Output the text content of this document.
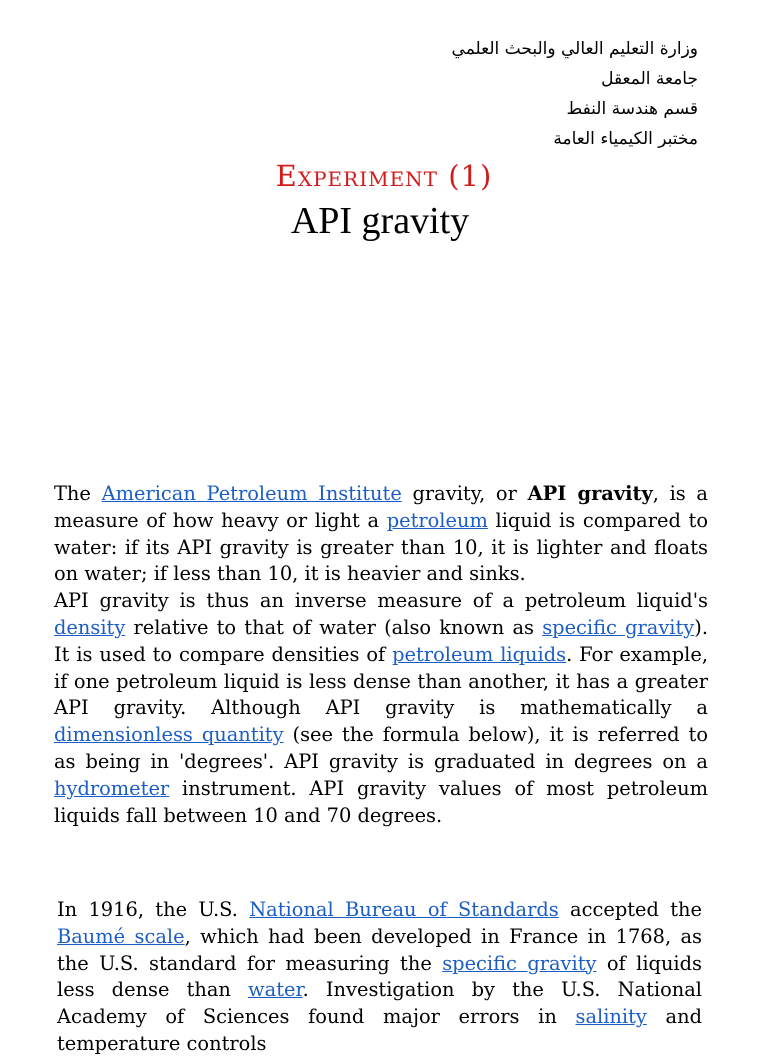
وزارة التعليم العالي والبحث العلمي
جامعة المعقل
قسم هندسة النفط
مختبر الكيمياء العامة
Experiment (1)
API gravity

The American Petroleum Institute gravity, or API gravity, is a measure of how heavy or light a petroleum liquid is compared to water: if its API gravity is greater than 10, it is lighter and floats on water; if less than 10, it is heavier and sinks.
API gravity is thus an inverse measure of a petroleum liquid's density relative to that of water (also known as specific gravity). It is used to compare densities of petroleum liquids. For example, if one petroleum liquid is less dense than another, it has a greater API gravity. Although API gravity is mathematically a dimensionless quantity (see the formula below), it is referred to as being in 'degrees'. API gravity is graduated in degrees on a hydrometer instrument. API gravity values of most petroleum liquids fall between 10 and 70 degrees.

In 1916, the U.S. National Bureau of Standards accepted the Baumé scale, which had been developed in France in 1768, as the U.S. standard for measuring the specific gravity of liquids less dense than water. Investigation by the U.S. National Academy of Sciences found major errors in salinity and temperature controls
